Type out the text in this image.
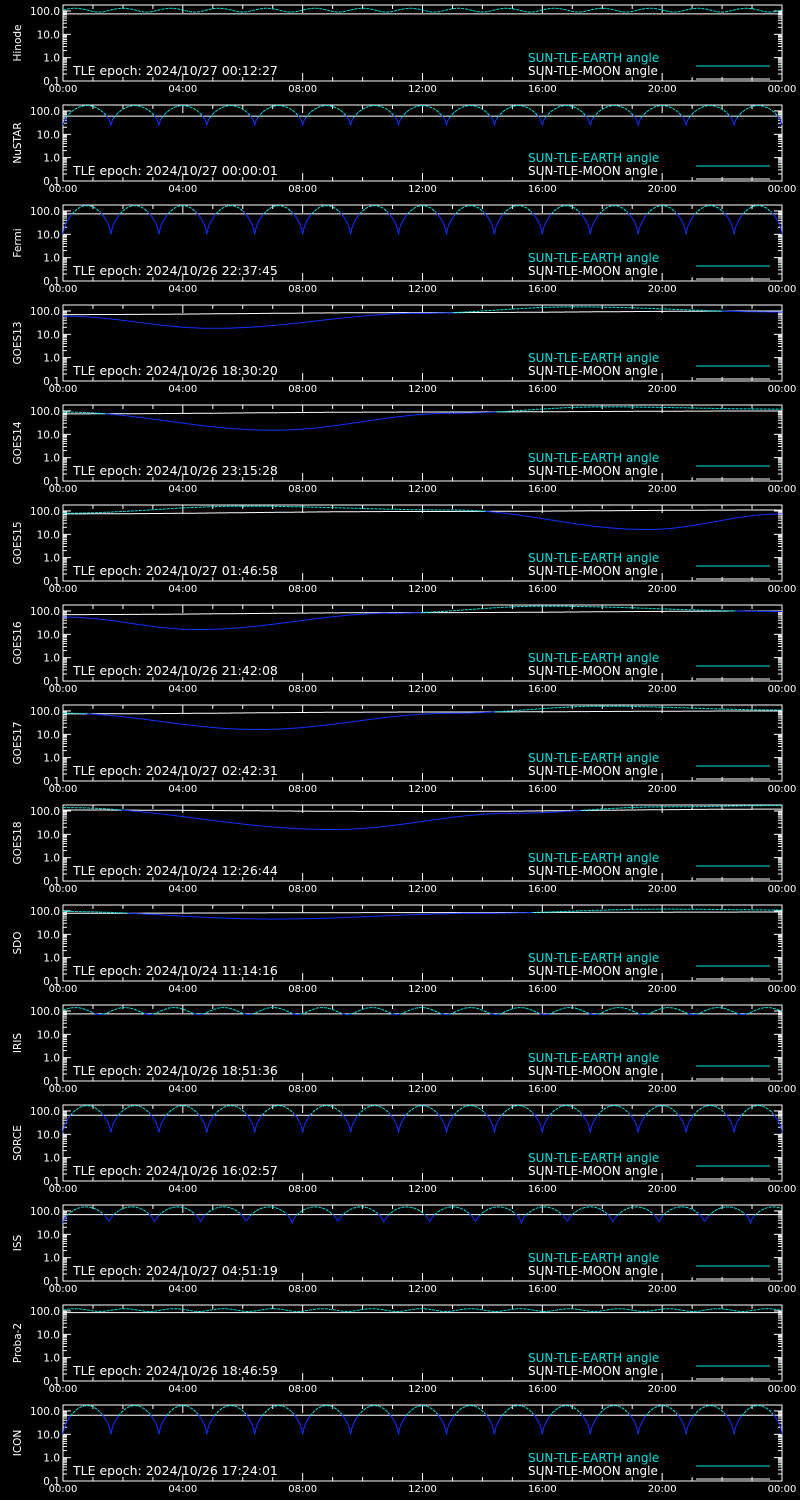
100.0
10.0
1.0
0.1
00:00	04:00	08:00	12:00	16:00	20:00	00:00
Hinode
TLE epoch: 2024/10/27 00:12:27
SUN-TLE-EARTH angle
SUN-TLE-MOON angle
100.0
10.0
1.0
0.1
00:00	04:00	08:00	12:00	16:00	20:00	00:00
NuSTAR
TLE epoch: 2024/10/27 00:00:01
SUN-TLE-EARTH angle
SUN-TLE-MOON angle
100.0
10.0
1.0
0.1
00:00	04:00	08:00	12:00	16:00	20:00	00:00
Fermi
TLE epoch: 2024/10/26 22:37:45
SUN-TLE-EARTH angle
SUN-TLE-MOON angle
100.0
10.0
1.0
0.1
00:00	04:00	08:00	12:00	16:00	20:00	00:00
GOES13
TLE epoch: 2024/10/26 18:30:20
SUN-TLE-EARTH angle
SUN-TLE-MOON angle
100.0
10.0
1.0
0.1
00:00	04:00	08:00	12:00	16:00	20:00	00:00
GOES14
TLE epoch: 2024/10/26 23:15:28
SUN-TLE-EARTH angle
SUN-TLE-MOON angle
100.0
10.0
1.0
0.1
00:00	04:00	08:00	12:00	16:00	20:00	00:00
GOES15
TLE epoch: 2024/10/27 01:46:58
SUN-TLE-EARTH angle
SUN-TLE-MOON angle
100.0
10.0
1.0
0.1
00:00	04:00	08:00	12:00	16:00	20:00	00:00
GOES16
TLE epoch: 2024/10/26 21:42:08
SUN-TLE-EARTH angle
SUN-TLE-MOON angle
100.0
10.0
1.0
0.1
00:00	04:00	08:00	12:00	16:00	20:00	00:00
GOES17
TLE epoch: 2024/10/27 02:42:31
SUN-TLE-EARTH angle
SUN-TLE-MOON angle
100.0
10.0
1.0
0.1
00:00	04:00	08:00	12:00	16:00	20:00	00:00
GOES18
TLE epoch: 2024/10/24 12:26:44
SUN-TLE-EARTH angle
SUN-TLE-MOON angle
100.0
10.0
1.0
0.1
00:00	04:00	08:00	12:00	16:00	20:00	00:00
SDO
TLE epoch: 2024/10/24 11:14:16
SUN-TLE-EARTH angle
SUN-TLE-MOON angle
100.0
10.0
1.0
0.1
00:00	04:00	08:00	12:00	16:00	20:00	00:00
IRIS
TLE epoch: 2024/10/26 18:51:36
SUN-TLE-EARTH angle
SUN-TLE-MOON angle
100.0
10.0
1.0
0.1
00:00	04:00	08:00	12:00	16:00	20:00	00:00
SORCE
TLE epoch: 2024/10/26 16:02:57
SUN-TLE-EARTH angle
SUN-TLE-MOON angle
100.0
10.0
1.0
0.1
00:00	04:00	08:00	12:00	16:00	20:00	00:00
ISS
TLE epoch: 2024/10/27 04:51:19
SUN-TLE-EARTH angle
SUN-TLE-MOON angle
100.0
10.0
1.0
0.1
00:00	04:00	08:00	12:00	16:00	20:00	00:00
Proba-2
TLE epoch: 2024/10/26 18:46:59
SUN-TLE-EARTH angle
SUN-TLE-MOON angle
100.0
10.0
1.0
0.1
00:00	04:00	08:00	12:00	16:00	20:00	00:00
ICON
TLE epoch: 2024/10/26 17:24:01
SUN-TLE-EARTH angle
SUN-TLE-MOON angle
